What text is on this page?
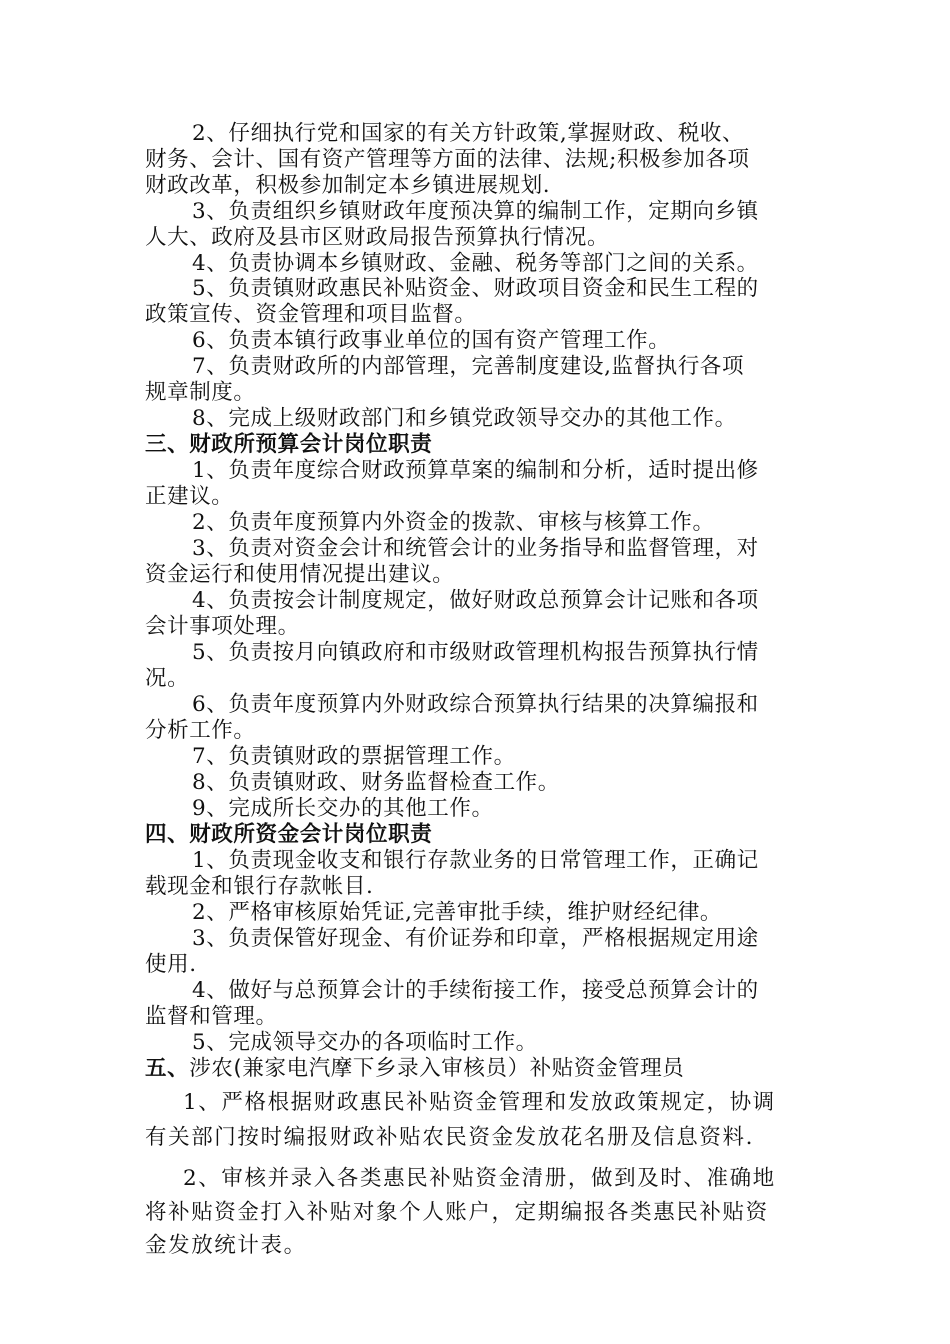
2、仔细执行党和国家的有关方针政策,掌握财政、税收、

财务、会计、国有资产管理等方面的法律、法规;积极参加各项

财政改革，积极参加制定本乡镇进展规划.

3、负责组织乡镇财政年度预决算的编制工作，定期向乡镇

人大、政府及县市区财政局报告预算执行情况。

4、负责协调本乡镇财政、金融、税务等部门之间的关系。

5、负责镇财政惠民补贴资金、财政项目资金和民生工程的

政策宣传、资金管理和项目监督。

6、负责本镇行政事业单位的国有资产管理工作。

7、负责财政所的内部管理，完善制度建设,监督执行各项

规章制度。

8、完成上级财政部门和乡镇党政领导交办的其他工作。

三、财政所预算会计岗位职责

1、负责年度综合财政预算草案的编制和分析，适时提出修

正建议。

2、负责年度预算内外资金的拨款、审核与核算工作。

3、负责对资金会计和统管会计的业务指导和监督管理，对

资金运行和使用情况提出建议。

4、负责按会计制度规定，做好财政总预算会计记账和各项

会计事项处理。

5、负责按月向镇政府和市级财政管理机构报告预算执行情

况。

6、负责年度预算内外财政综合预算执行结果的决算编报和

分析工作。

7、负责镇财政的票据管理工作。

8、负责镇财政、财务监督检查工作。

9、完成所长交办的其他工作。

四、财政所资金会计岗位职责

1、负责现金收支和银行存款业务的日常管理工作，正确记

载现金和银行存款帐目.

2、严格审核原始凭证,完善审批手续，维护财经纪律。

3、负责保管好现金、有价证券和印章，严格根据规定用途

使用.

4、做好与总预算会计的手续衔接工作，接受总预算会计的

监督和管理。

5、完成领导交办的各项临时工作。

五、涉农(兼家电汽摩下乡录入审核员）补贴资金管理员

1、严格根据财政惠民补贴资金管理和发放政策规定，协调

有关部门按时编报财政补贴农民资金发放花名册及信息资料.

2、审核并录入各类惠民补贴资金清册，做到及时、准确地

将补贴资金打入补贴对象个人账户，定期编报各类惠民补贴资

金发放统计表。
